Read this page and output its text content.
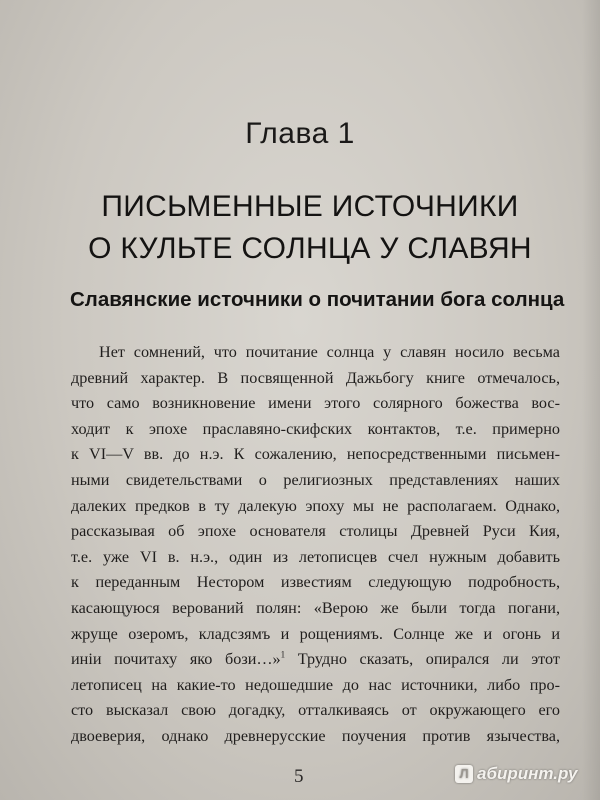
Глава 1
ПИСЬМЕННЫЕ ИСТОЧНИКИ
О КУЛЬТЕ СОЛНЦА У СЛАВЯН
Славянские источники о почитании бога солнца
Нет сомнений, что почитание солнца у славян носило весьма
древний характер. В посвященной Дажьбогу книге отмечалось,
что само возникновение имени этого солярного божества вос-
ходит к эпохе праславяно-скифских контактов, т.е. примерно
к VI—V вв. до н.э. К сожалению, непосредственными письмен-
ными свидетельствами о религиозных представлениях наших
далеких предков в ту далекую эпоху мы не располагаем. Однако,
рассказывая об эпохе основателя столицы Древней Руси Кия,
т.е. уже VI в. н.э., один из летописцев счел нужным добавить
к переданным Нестором известиям следующую подробность,
касающуюся верований полян: «Верою же были тогда погани,
жруще озеромъ, кладсзямъ и рощениямъ. Солнце же и огонь и
иніи почитаху яко бози…»$^1$ Трудно сказать, опирался ли этот
летописец на какие-то недошедшие до нас источники, либо про-
сто высказал свою догадку, отталкиваясь от окружающего его
двоеверия, однако древнерусские поучения против язычества,
5	Л абиринт.ру
